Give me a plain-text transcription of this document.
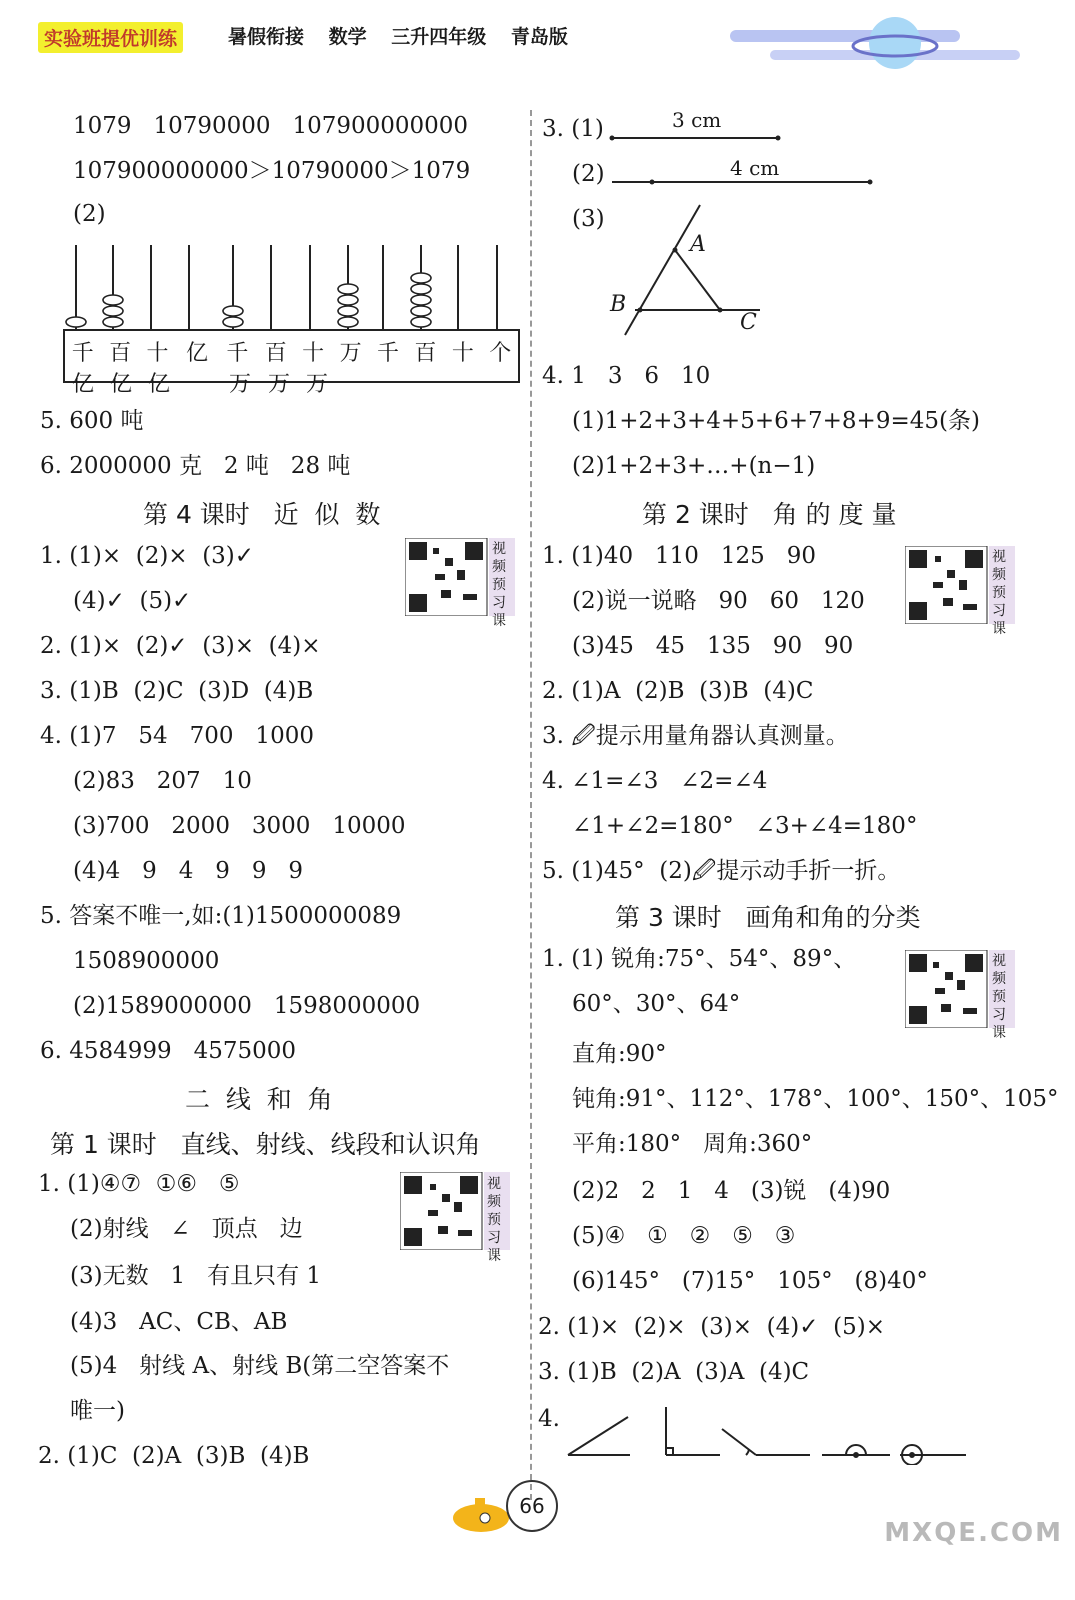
实验班提优训练	暑假衔接 数学 三升四年级 青岛版
1079   10790000   107900000000
107900000000＞10790000＞1079
(2)
千 百 十 亿 千 百 十 万 千 百 十 个
亿 亿 亿	万 万 万
5. 600 吨
6. 2000000 克   2 吨   28 吨
第 4 课时   近  似  数
视频预习课
1. (1)×  (2)×  (3)✓
(4)✓  (5)✓
2. (1)×  (2)✓  (3)×  (4)×
3. (1)B  (2)C  (3)D  (4)B
4. (1)7   54   700   1000
(2)83   207   10
(3)700   2000   3000   10000
(4)4   9   4   9   9   9
5. 答案不唯一,如:(1)1500000089
1508900000
(2)1589000000   1598000000
6. 4584999   4575000
二  线  和  角
第 1 课时   直线、射线、线段和认识角
视频预习课
1. (1)④⑦  ①⑥   ⑤
(2)射线   ∠   顶点   边
(3)无数   1   有且只有 1
(4)3   AC、CB、AB
(5)4   射线 A、射线 B(第二空答案不
唯一)
2. (1)C  (2)A  (3)B  (4)B
3. (1)	3 cm
(2)	4 cm
(3)
A
B
C
4. 1   3   6   10
(1)1+2+3+4+5+6+7+8+9=45(条)
(2)1+2+3+…+(n−1)
第 2 课时   角 的 度 量
视频预习课
1. (1)40   110   125   90
(2)说一说略   90   60   120
(3)45   45   135   90   90
2. (1)A  (2)B  (3)B  (4)C
3. 🖉提示用量角器认真测量。
4. ∠1=∠3   ∠2=∠4
∠1+∠2=180°   ∠3+∠4=180°
5. (1)45°  (2)🖉提示动手折一折。
第 3 课时   画角和角的分类
视频预习课
1. (1) 锐角:75°、54°、89°、
60°、30°、64°
直角:90°
钝角:91°、112°、178°、100°、150°、105°
平角:180°   周角:360°
(2)2   2   1   4   (3)锐   (4)90
(5)④   ①   ②   ⑤   ③
(6)145°   (7)15°   105°   (8)40°
2. (1)×  (2)×  (3)×  (4)✓  (5)×
3. (1)B  (2)A  (3)A  (4)C
4.
66
MXQE.COM
